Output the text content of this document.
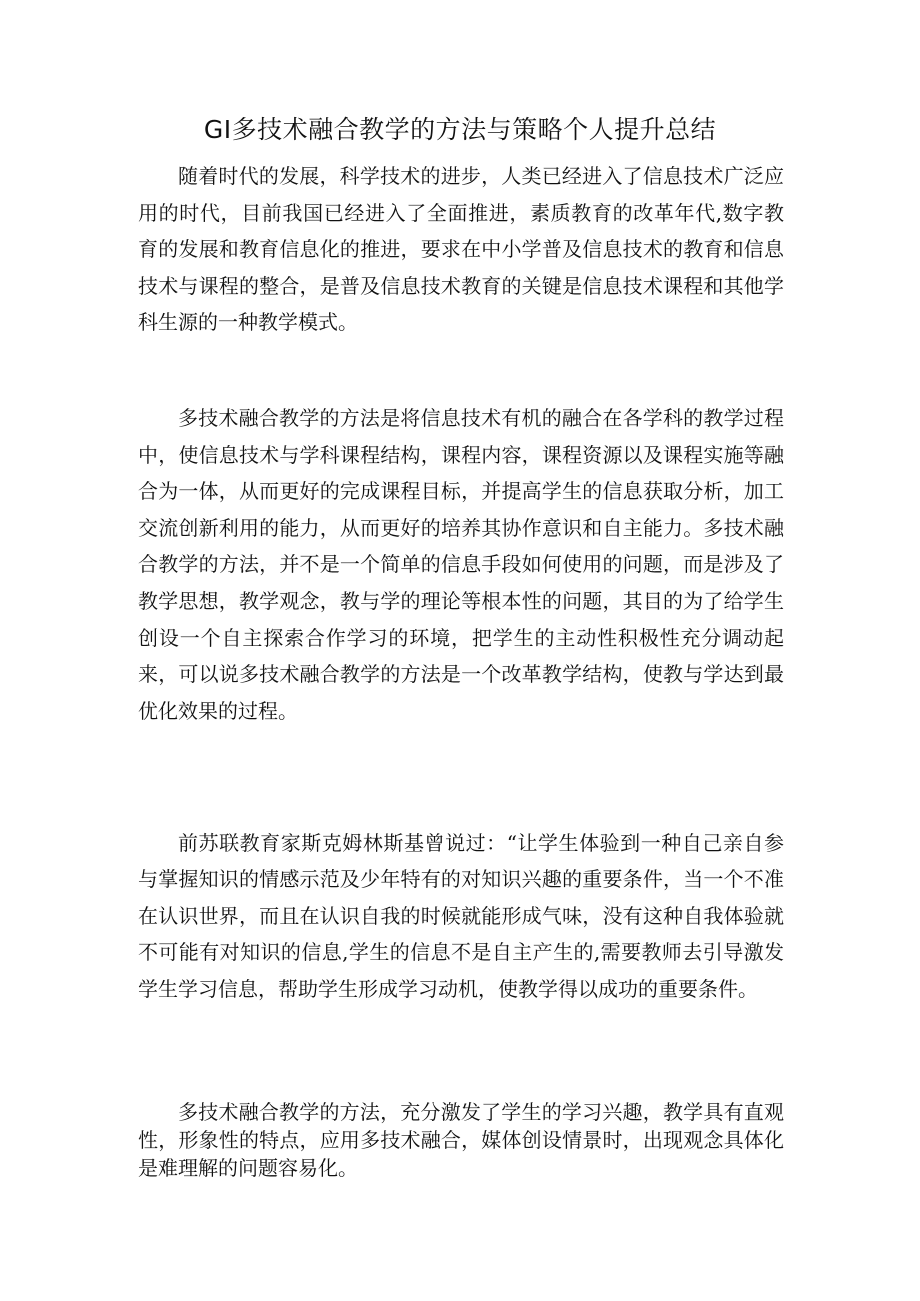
GI多技术融合教学的方法与策略个人提升总结

随着时代的发展，科学技术的进步，人类已经进入了信息技术广泛应用的时代，目前我国已经进入了全面推进，素质教育的改革年代,数字教育的发展和教育信息化的推进，要求在中小学普及信息技术的教育和信息技术与课程的整合，是普及信息技术教育的关键是信息技术课程和其他学科生源的一种教学模式。

多技术融合教学的方法是将信息技术有机的融合在各学科的教学过程中，使信息技术与学科课程结构，课程内容，课程资源以及课程实施等融合为一体，从而更好的完成课程目标，并提高学生的信息获取分析，加工交流创新利用的能力，从而更好的培养其协作意识和自主能力。多技术融合教学的方法，并不是一个简单的信息手段如何使用的问题，而是涉及了教学思想，教学观念，教与学的理论等根本性的问题，其目的为了给学生创设一个自主探索合作学习的环境，把学生的主动性积极性充分调动起来，可以说多技术融合教学的方法是一个改革教学结构，使教与学达到最优化效果的过程。

前苏联教育家斯克姆林斯基曾说过：“让学生体验到一种自己亲自参与掌握知识的情感示范及少年特有的对知识兴趣的重要条件，当一个不准在认识世界，而且在认识自我的时候就能形成气味，没有这种自我体验就不可能有对知识的信息,学生的信息不是自主产生的,需要教师去引导激发学生学习信息，帮助学生形成学习动机，使教学得以成功的重要条件。

多技术融合教学的方法，充分激发了学生的学习兴趣，教学具有直观性，形象性的特点，应用多技术融合，媒体创设情景时，出现观念具体化是难理解的问题容易化。
